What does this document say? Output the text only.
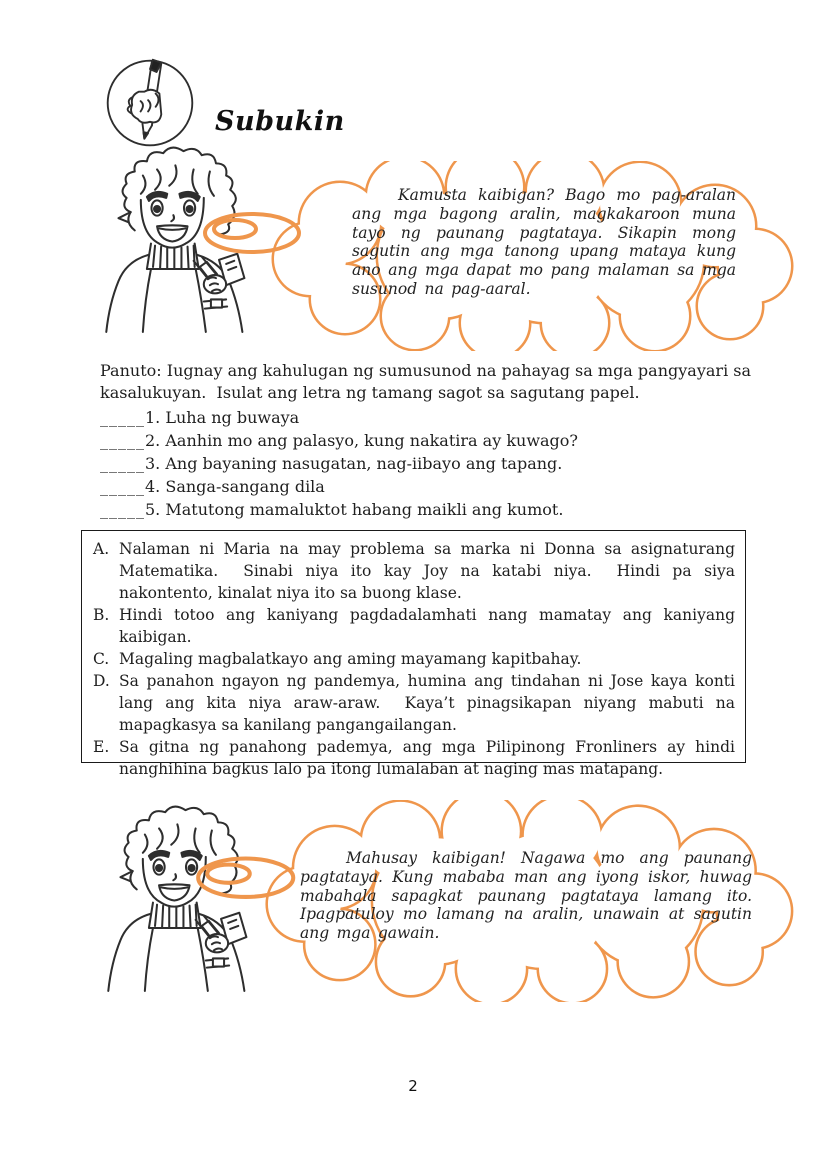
Subukin
Kamusta kaibigan? Bago mo pag-aralan ang mga bagong aralin, magkakaroon muna tayo ng paunang pagtataya. Sikapin mong sagutin ang mga tanong upang mataya kung ano ang mga dapat mo pang malaman sa mga susunod na pag-aaral.

Panuto: Iugnay ang kahulugan ng sumusunod na pahayag sa mga pangyayari sa kasalukuyan.  Isulat ang letra ng tamang sagot sa sagutang papel.

_____1. Luha ng buwaya
_____2. Aanhin mo ang palasyo, kung nakatira ay kuwago?
_____3. Ang bayaning nasugatan, nag-iibayo ang tapang.
_____4. Sanga-sangang dila
_____5. Matutong mamaluktot habang maikli ang kumot.
A. Nalaman ni Maria na may problema sa marka ni Donna sa asignaturang Matematika.  Sinabi niya ito kay Joy na katabi niya.  Hindi pa siya nakontento, kinalat niya ito sa buong klase.
B. Hindi totoo ang kaniyang pagdadalamhati nang mamatay ang kaniyang kaibigan.
C. Magaling magbalatkayo ang aming mayamang kapitbahay.
D. Sa panahon ngayon ng pandemya, humina ang tindahan ni Jose kaya konti lang ang kita niya araw-araw.  Kaya’t pinagsikapan niyang mabuti na mapagkasya sa kanilang pangangailangan.
E. Sa gitna ng panahong pademya, ang mga Pilipinong Fronliners ay hindi nanghihina bagkus lalo pa itong lumalaban at naging mas matapang.
Mahusay kaibigan! Nagawa mo ang paunang pagtataya. Kung mababa man ang iyong iskor, huwag mabahala sapagkat paunang pagtataya lamang ito. Ipagpatuloy mo lamang na aralin, unawain at sagutin ang mga gawain.
2
